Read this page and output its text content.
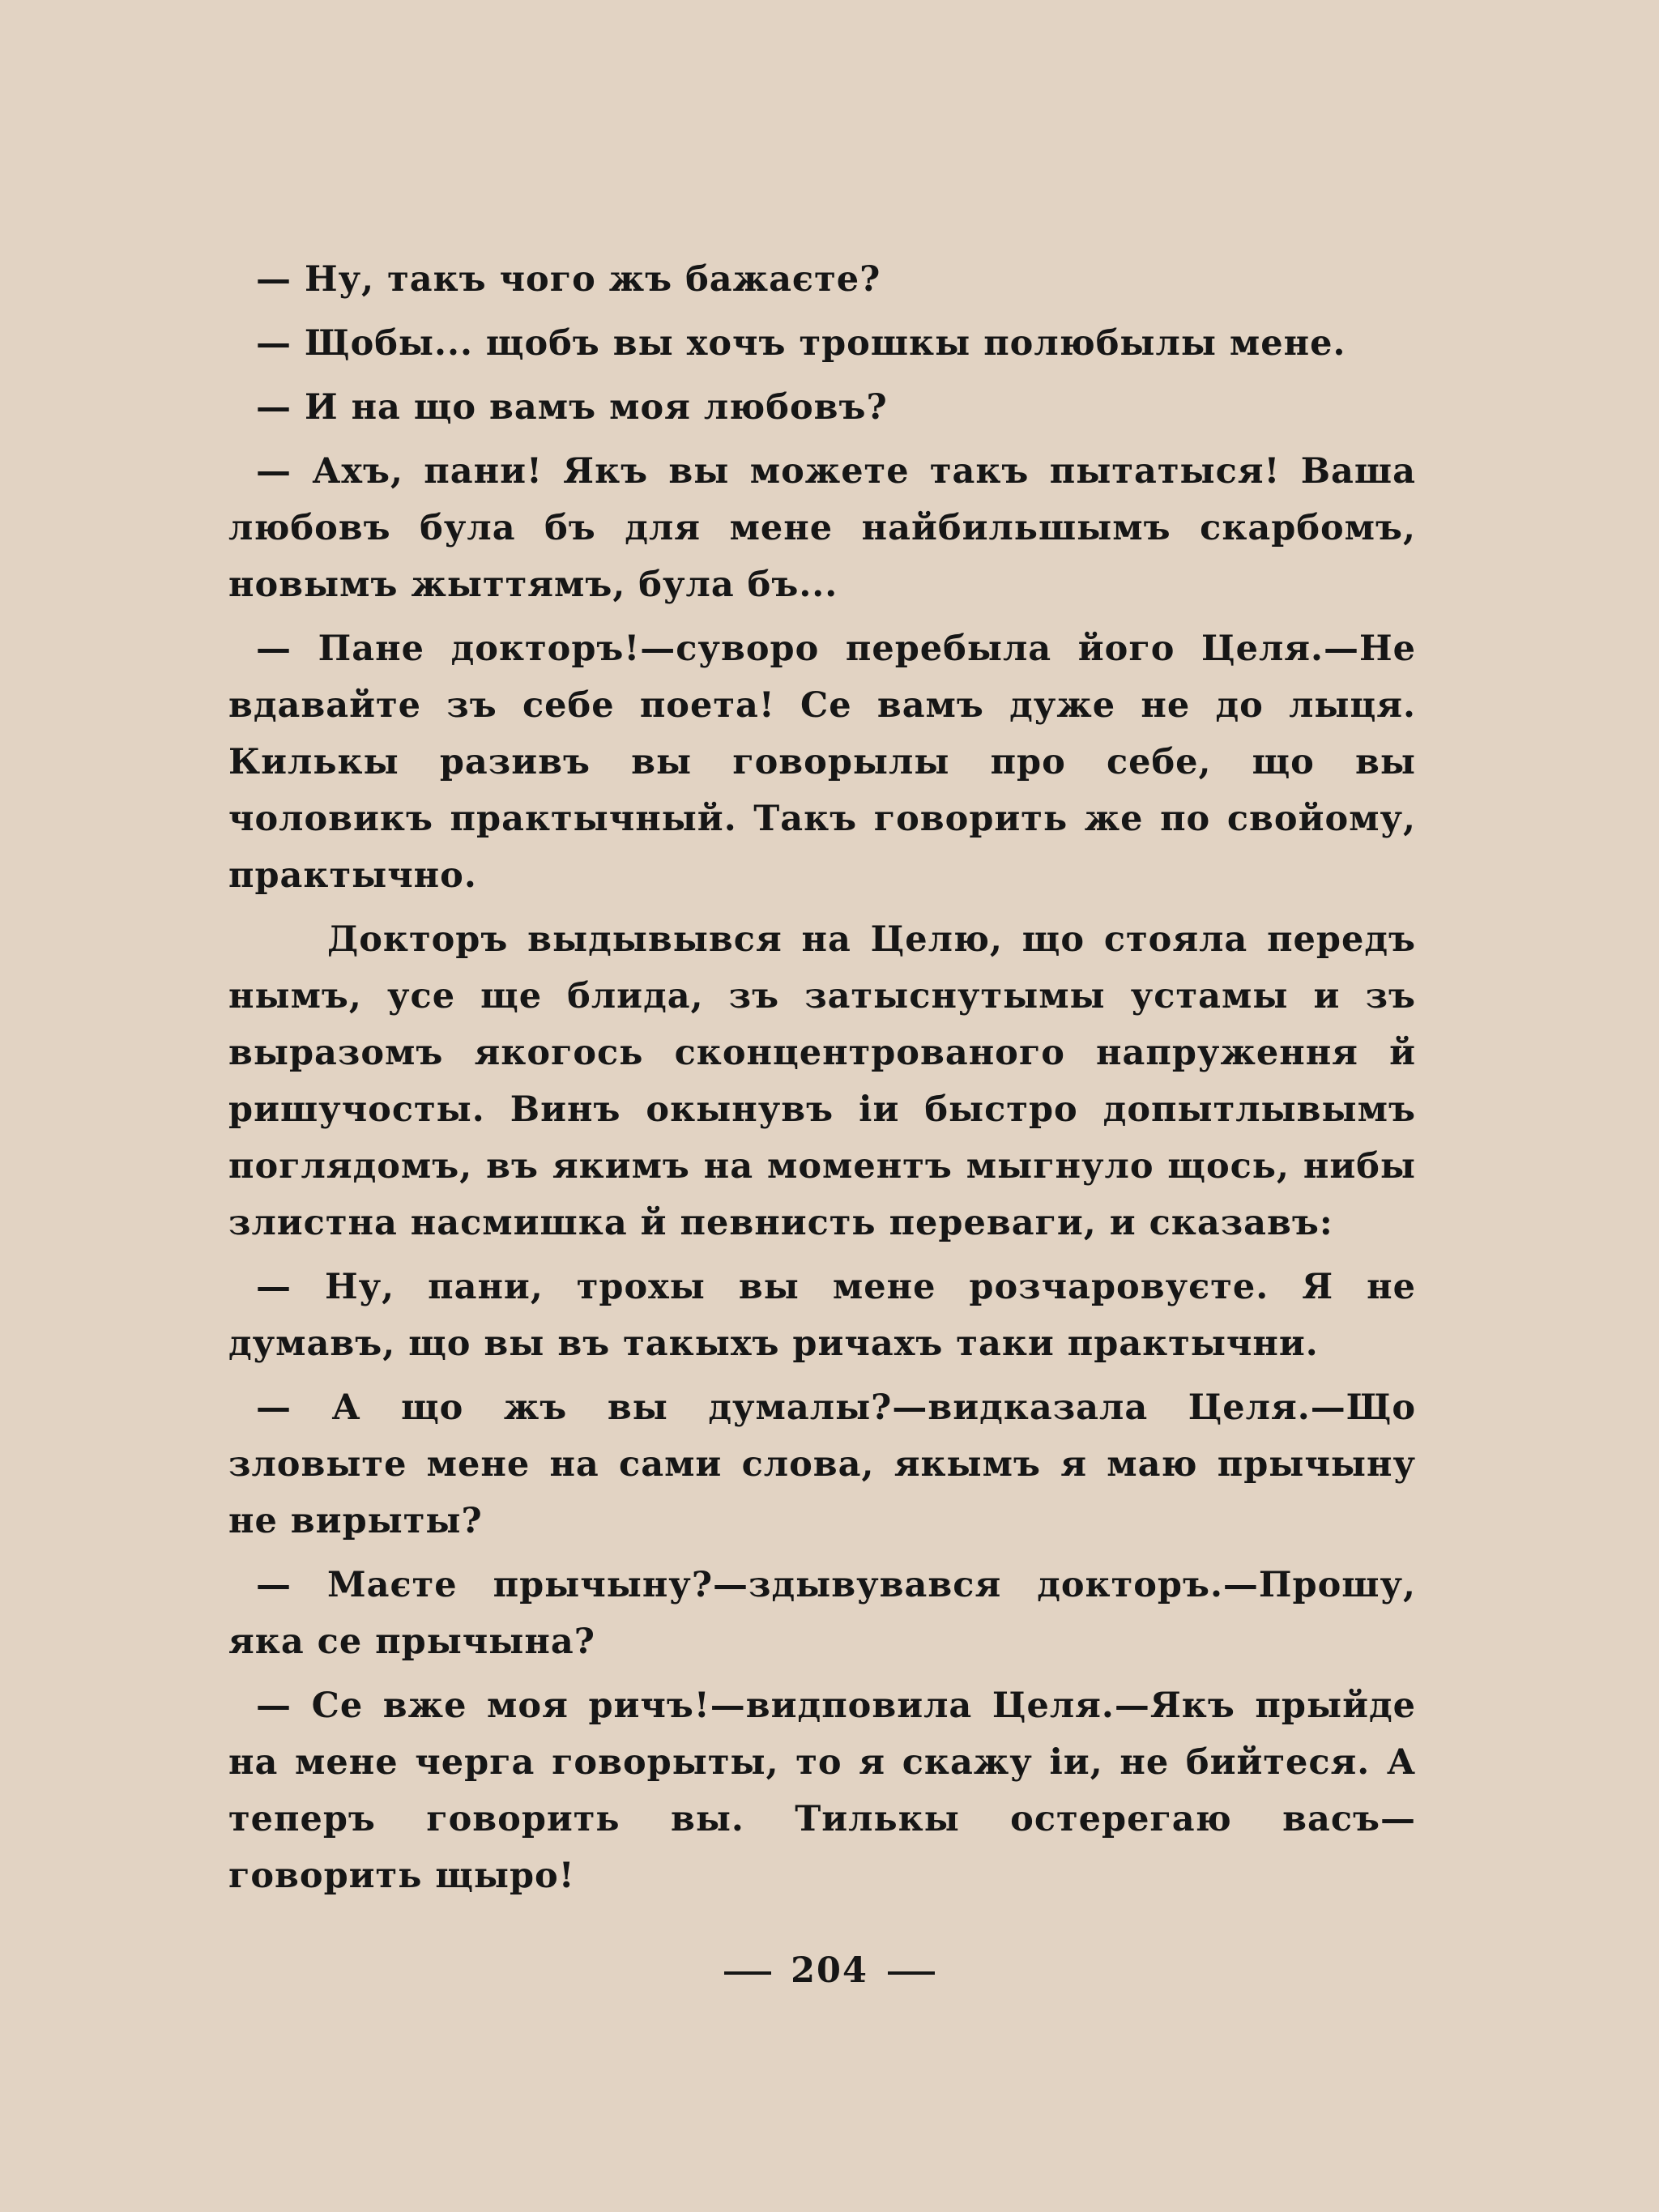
— Ну, такъ чого жъ бажаєте?

— Щобы... щобъ вы хочъ трошкы полюбылы мене.

— И на що вамъ моя любовъ?

— Ахъ, пани! Якъ вы можете такъ пытатыся! Ваша любовъ була бъ для мене найбильшымъ скарбомъ, новымъ жыттямъ, була бъ...

— Пане докторъ!—суворо перебыла його Целя.—Не вдавайте зъ себе поета! Се вамъ дуже не до лыця. Килькы разивъ вы говорылы про себе, що вы чоловикъ практычный. Такъ говорить же по свойому, практычно.

Докторъ выдывывся на Целю, що стояла передъ нымъ, усе ще блида, зъ затыснутымы устамы и зъ выразомъ якогось сконцентрованого напруження й ришучосты. Винъ окынувъ іи быстро допытлывымъ поглядомъ, въ якимъ на моментъ мыгнуло щось, нибы злистна насмишка й певнисть переваги, и сказавъ:

— Ну, пани, трохы вы мене розчаровуєте. Я не думавъ, що вы въ такыхъ ричахъ таки практычни.

— А що жъ вы думалы?—видказала Целя.—Що зловыте мене на сами слова, якымъ я маю прычыну не вирыты?

— Маєте прычыну?—здывувався докторъ.—Прошу, яка се прычына?

— Се вже моя ричъ!—видповила Целя.—Якъ прыйде на мене черга говорыты, то я скажу іи, не бийтеся. А теперъ говорить вы. Тилькы остерегаю васъ—говорить щыро!

204
